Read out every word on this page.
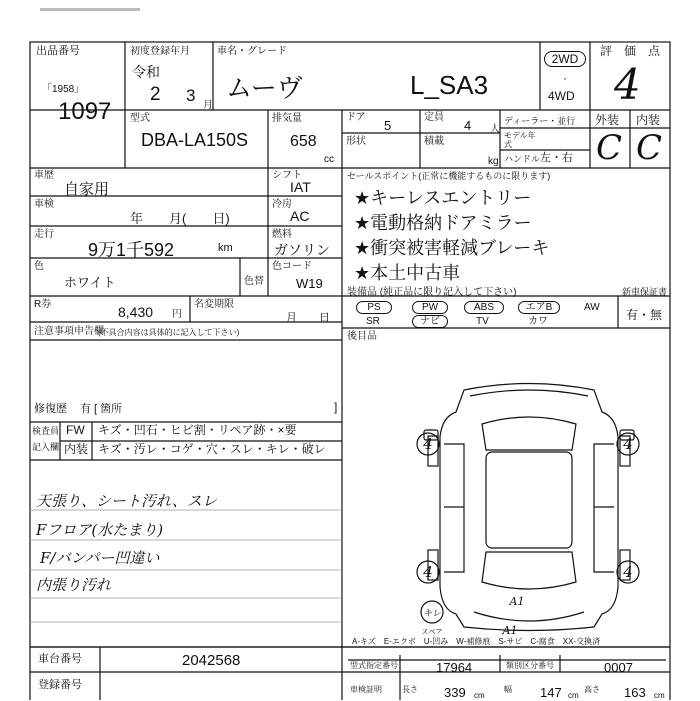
出品番号
「1958」
1097
初度登録年月
令和
2 3
月
車名・グレード
ムーヴ	L_SA3
2WD
·
4WD
評　価　点
4
型式
DBA-LA150S
排気量
658
cc
ドア
5
形状
定員
4 人
積載
kg
ディーラー・並行
モデル年式
ハンドル 左・右
外装 内装
C C
車歴
自家用
車検
年　　月(　　日)
走行
9万1千592	km
色
ホワイト	色替
シフト
IAT
冷房
AC
燃料
ガソリン
色コード
W19
R券	8,430 円
名変期限
月　　日
セールスポイント(正常に機能するものに限ります)
★キーレスエントリー
★電動格納ドアミラー
★衝突被害軽減ブレーキ
★本土中古車
装備品 (純正品に限り記入して下さい)	新車保証書
有・無
PS	PW	ABS	エアB	AW
SR	ナビ	TV	カワ
後目品
注意事項申告欄
(不具合内容は具体的に記入して下さい)
修復歴 有 [ 箇所	]
検査員
記入欄
FW キズ・凹石・ヒビ割・リペア跡・×要
内装 キズ・汚レ・コゲ・穴・スレ・キレ・破レ
天張り、シート汚れ、スレ
Fフロア(水たまり)
F/バンパー凹違い
内張り汚れ
4	4
4	4
キレ
A1
A1
スペア
A-キズ　E-エクボ　U-凹み　W-補修痕　S-サビ　C-腐食　XX-交換済
車台番号	2042568
登録番号
型式指定番号	17964	類別区分番号	0007
車検証明	長さ 339 cm
幅 147 cm
高さ 163 cm
